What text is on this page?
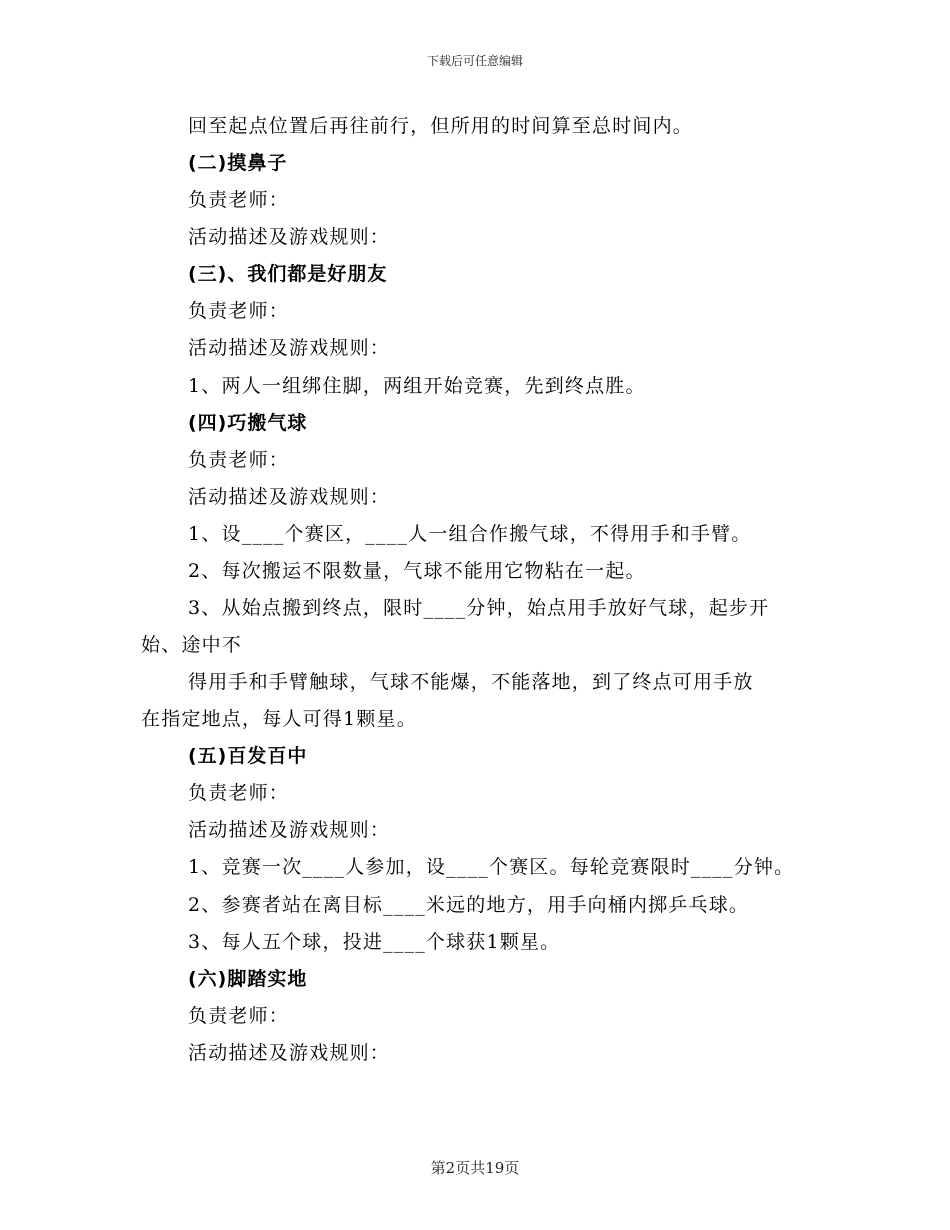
下载后可任意编辑
回至起点位置后再往前行，但所用的时间算至总时间内。
(二)摸鼻子
负责老师：
活动描述及游戏规则：
(三)、我们都是好朋友
负责老师：
活动描述及游戏规则：
1、两人一组绑住脚，两组开始竞赛，先到终点胜。
(四)巧搬气球
负责老师：
活动描述及游戏规则：
1、设____个赛区，____人一组合作搬气球，不得用手和手臂。
2、每次搬运不限数量，气球不能用它物粘在一起。
3、从始点搬到终点，限时____分钟，始点用手放好气球，起步开
始、途中不
得用手和手臂触球，气球不能爆，不能落地，到了终点可用手放
在指定地点，每人可得1颗星。
(五)百发百中
负责老师：
活动描述及游戏规则：
1、竞赛一次____人参加，设____个赛区。每轮竞赛限时____分钟。
2、参赛者站在离目标____米远的地方，用手向桶内掷乒乓球。
3、每人五个球，投进____个球获1颗星。
(六)脚踏实地
负责老师：
活动描述及游戏规则：
第2页共19页
